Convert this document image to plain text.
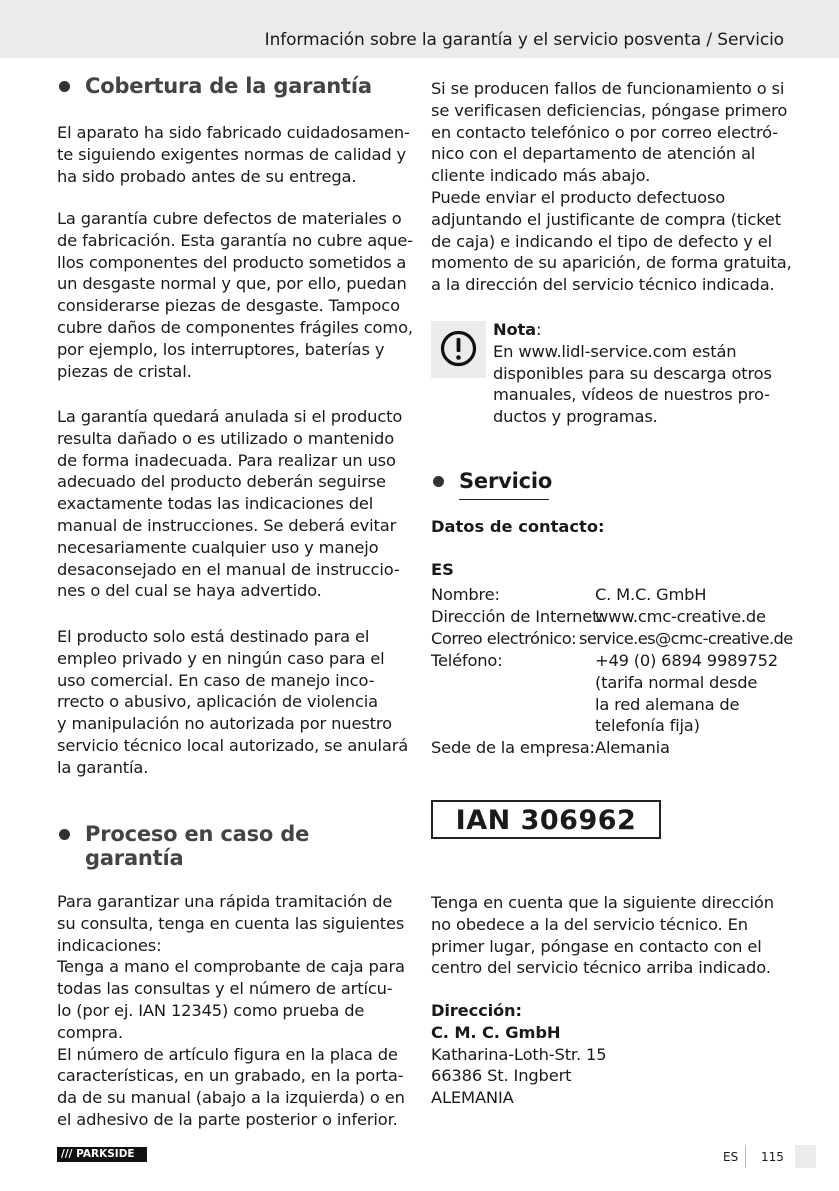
Información sobre la garantía y el servicio posventa / Servicio
Cobertura de la garantía
El aparato ha sido fabricado cuidadosamen-
te siguiendo exigentes normas de calidad y
ha sido probado antes de su entrega.
La garantía cubre defectos de materiales o
de fabricación. Esta garantía no cubre aque-
llos componentes del producto sometidos a
un desgaste normal y que, por ello, puedan
considerarse piezas de desgaste. Tampoco
cubre daños de componentes frágiles como,
por ejemplo, los interruptores, baterías y
piezas de cristal.
La garantía quedará anulada si el producto
resulta dañado o es utilizado o mantenido
de forma inadecuada. Para realizar un uso
adecuado del producto deberán seguirse
exactamente todas las indicaciones del
manual de instrucciones. Se deberá evitar
necesariamente cualquier uso y manejo
desaconsejado en el manual de instruccio-
nes o del cual se haya advertido.
El producto solo está destinado para el
empleo privado y en ningún caso para el
uso comercial. En caso de manejo inco-
rrecto o abusivo, aplicación de violencia
y manipulación no autorizada por nuestro
servicio técnico local autorizado, se anulará
la garantía.
Proceso en caso de
garantía
Para garantizar una rápida tramitación de
su consulta, tenga en cuenta las siguientes
indicaciones:
Tenga a mano el comprobante de caja para
todas las consultas y el número de artícu-
lo (por ej. IAN 12345) como prueba de
compra.
El número de artículo figura en la placa de
características, en un grabado, en la porta-
da de su manual (abajo a la izquierda) o en
el adhesivo de la parte posterior o inferior.
Si se producen fallos de funcionamiento o si
se verificasen deficiencias, póngase primero
en contacto telefónico o por correo electró-
nico con el departamento de atención al
cliente indicado más abajo.
Puede enviar el producto defectuoso
adjuntando el justificante de compra (ticket
de caja) e indicando el tipo de defecto y el
momento de su aparición, de forma gratuita,
a la dirección del servicio técnico indicada.
Nota:
En www.lidl-service.com están
disponibles para su descarga otros
manuales, vídeos de nuestros pro-
ductos y programas.
Servicio
Datos de contacto:
ES
Nombre:	C. M.C. GmbH
Dirección de Internet:
www.cmc-creative.de
Correo electrónico: service.es@cmc-creative.de
Teléfono:	+49 (0) 6894 9989752
(tarifa normal desde
la red alemana de
telefonía fija)
Sede de la empresa: Alemania
IAN 306962
Tenga en cuenta que la siguiente dirección
no obedece a la del servicio técnico. En
primer lugar, póngase en contacto con el
centro del servicio técnico arriba indicado.
Dirección:
C. M. C. GmbH
Katharina-Loth-Str. 15
66386 St. Ingbert
ALEMANIA
/// PARKSIDE	ES 115
